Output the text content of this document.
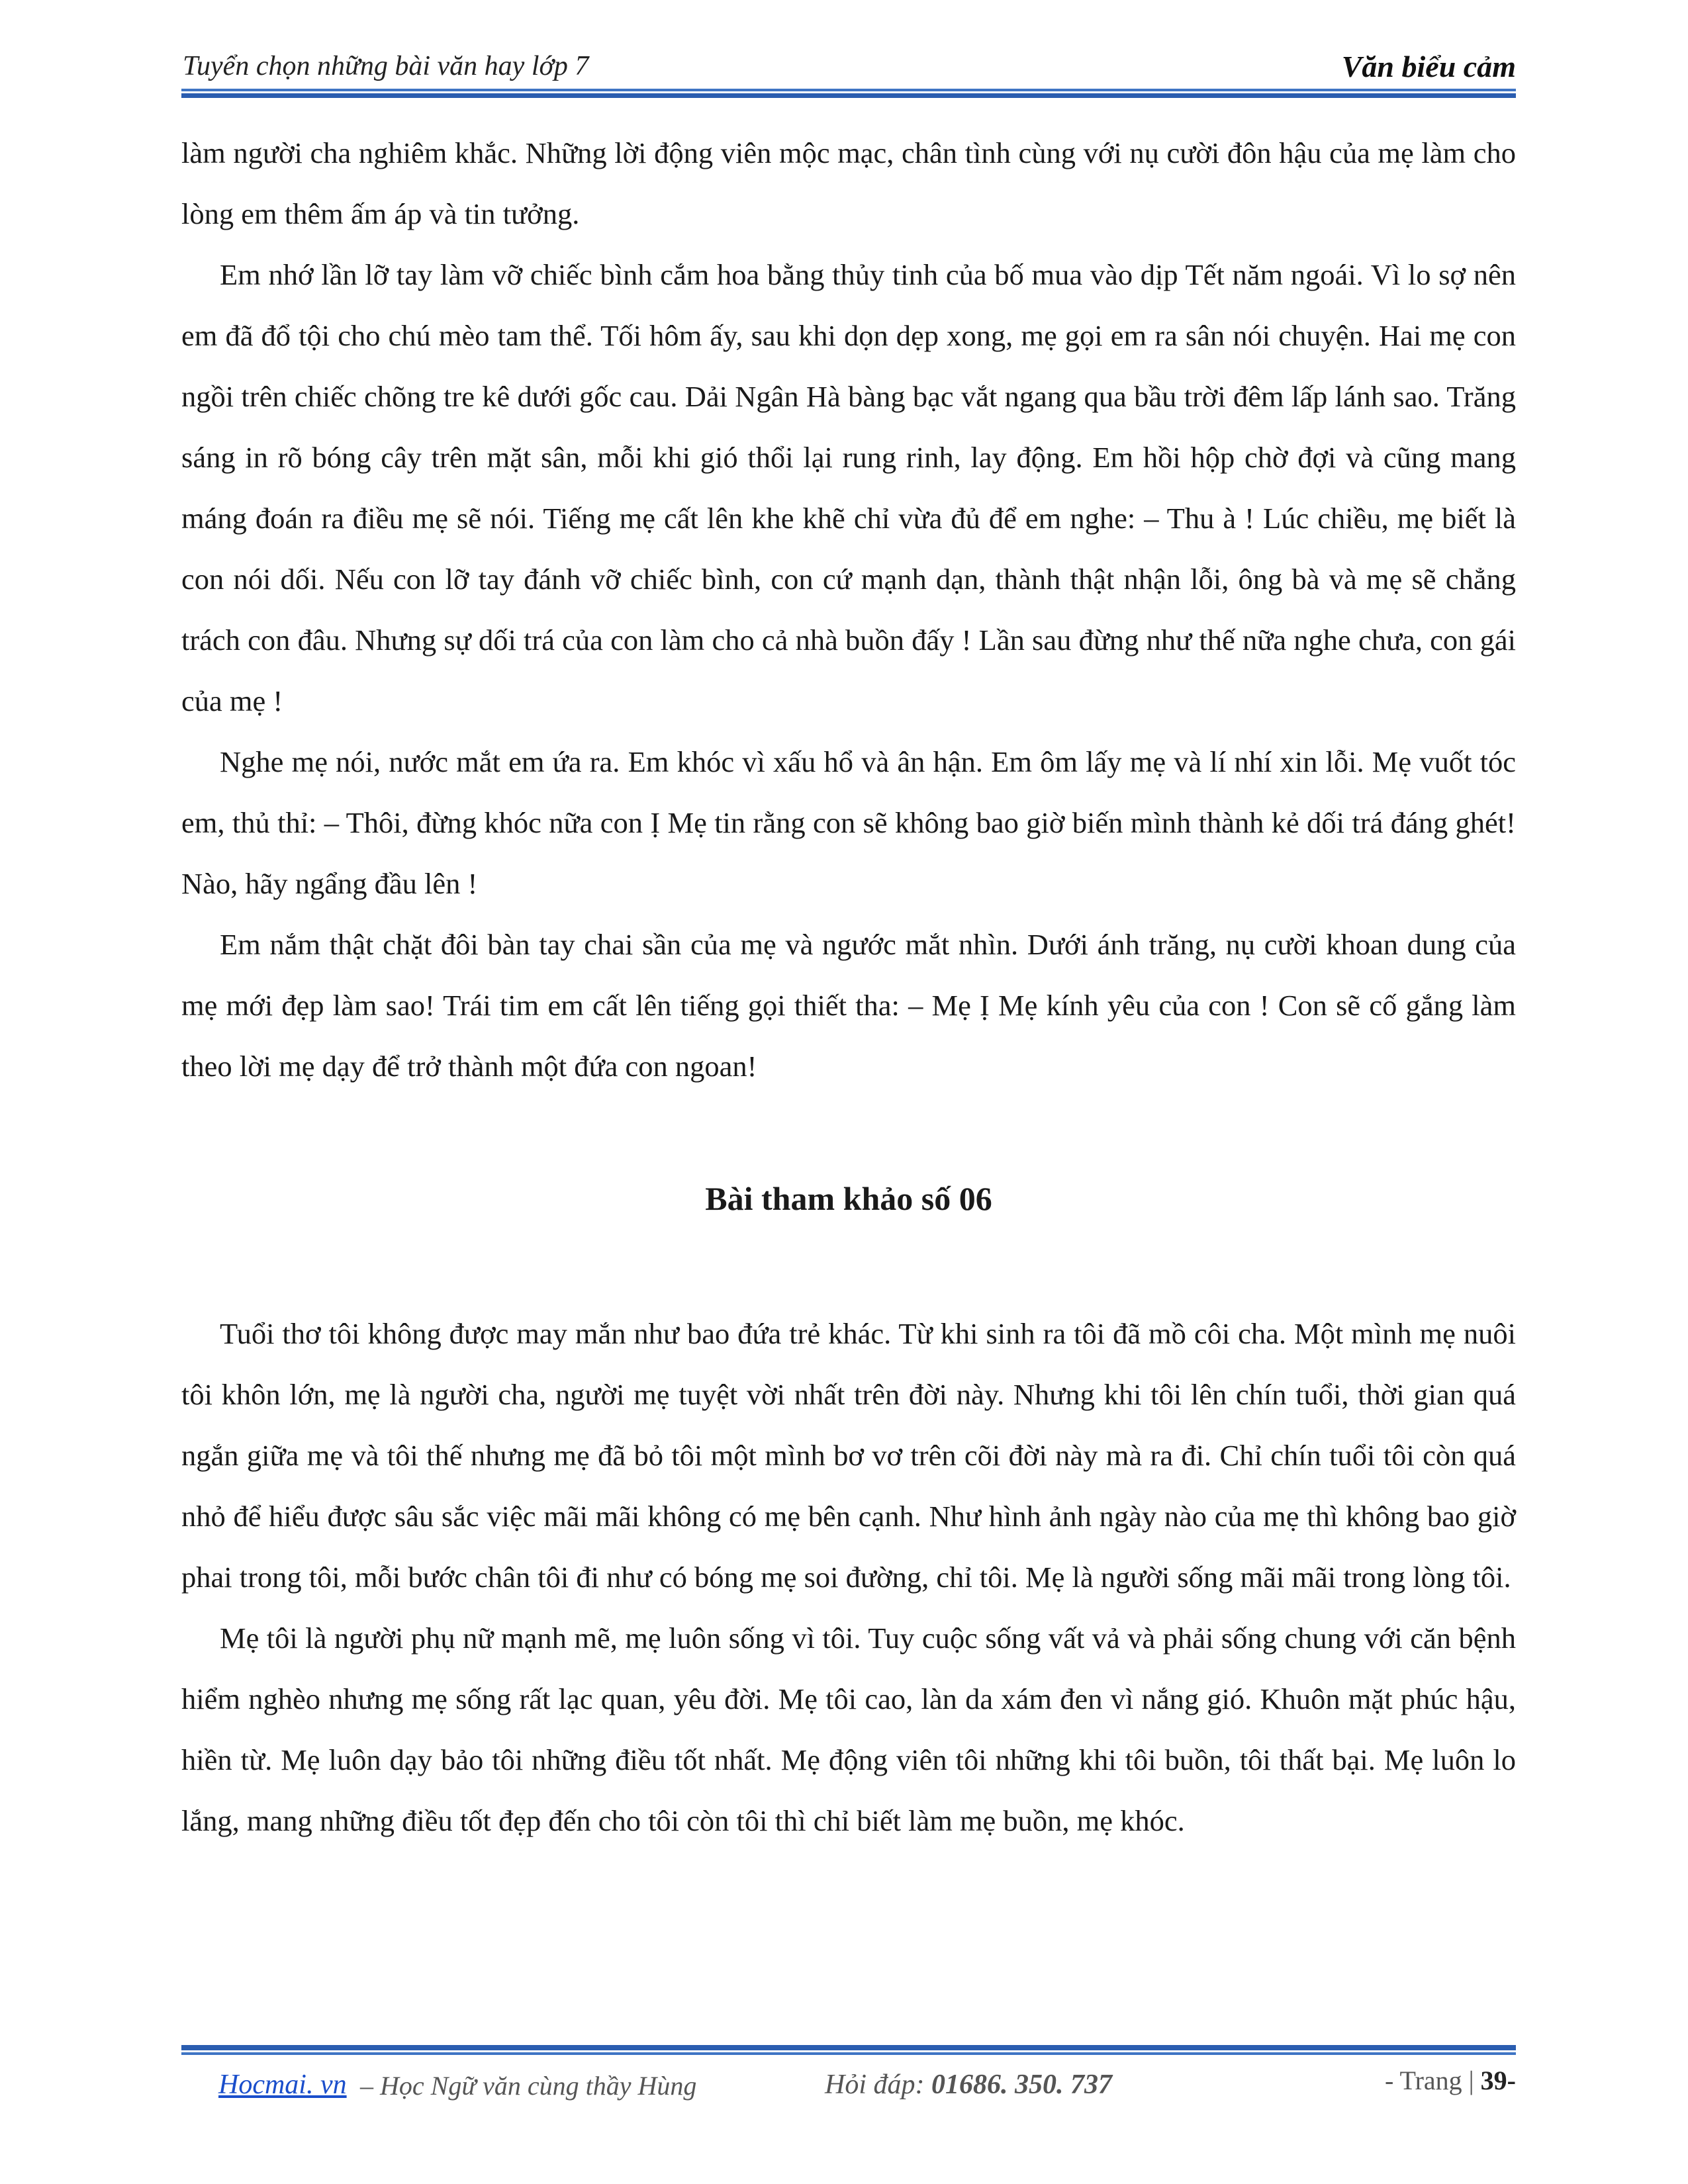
Tuyển chọn những bài văn hay lớp 7	Văn biểu cảm

làm người cha nghiêm khắc. Những lời động viên mộc mạc, chân tình cùng với nụ cười đôn hậu của mẹ làm cho lòng em thêm ấm áp và tin tưởng.

Em nhớ lần lỡ tay làm vỡ chiếc bình cắm hoa bằng thủy tinh của bố mua vào dịp Tết năm ngoái. Vì lo sợ nên em đã đổ tội cho chú mèo tam thể. Tối hôm ấy, sau khi dọn dẹp xong, mẹ gọi em ra sân nói chuyện. Hai mẹ con ngồi trên chiếc chõng tre kê dưới gốc cau. Dải Ngân Hà bàng bạc vắt ngang qua bầu trời đêm lấp lánh sao. Trăng sáng in rõ bóng cây trên mặt sân, mỗi khi gió thổi lại rung rinh, lay động. Em hồi hộp chờ đợi và cũng mang máng đoán ra điều mẹ sẽ nói. Tiếng mẹ cất lên khe khẽ chỉ vừa đủ để em nghe: – Thu à ! Lúc chiều, mẹ biết là con nói dối. Nếu con lỡ tay đánh vỡ chiếc bình, con cứ mạnh dạn, thành thật nhận lỗi, ông bà và mẹ sẽ chẳng trách con đâu. Nhưng sự dối trá của con làm cho cả nhà buồn đấy ! Lần sau đừng như thế nữa nghe chưa, con gái của mẹ !

Nghe mẹ nói, nước mắt em ứa ra. Em khóc vì xấu hổ và ân hận. Em ôm lấy mẹ và lí nhí xin lỗi. Mẹ vuốt tóc em, thủ thỉ: – Thôi, đừng khóc nữa con Ị Mẹ tin rằng con sẽ không bao giờ biến mình thành kẻ dối trá đáng ghét! Nào, hãy ngẩng đầu lên !

Em nắm thật chặt đôi bàn tay chai sần của mẹ và ngước mắt nhìn. Dưới ánh trăng, nụ cười khoan dung của mẹ mới đẹp làm sao! Trái tim em cất lên tiếng gọi thiết tha: – Mẹ Ị Mẹ kính yêu của con ! Con sẽ cố gắng làm theo lời mẹ dạy để trở thành một đứa con ngoan!

Bài tham khảo số 06

Tuổi thơ tôi không được may mắn như bao đứa trẻ khác. Từ khi sinh ra tôi đã mồ côi cha. Một mình mẹ nuôi tôi khôn lớn, mẹ là người cha, người mẹ tuyệt vời nhất trên đời này. Nhưng khi tôi lên chín tuổi, thời gian quá ngắn giữa mẹ và tôi thế nhưng mẹ đã bỏ tôi một mình bơ vơ trên cõi đời này mà ra đi. Chỉ chín tuổi tôi còn quá nhỏ để hiểu được sâu sắc việc mãi mãi không có mẹ bên cạnh. Như hình ảnh ngày nào của mẹ thì không bao giờ phai trong tôi, mỗi bước chân tôi đi như có bóng mẹ soi đường, chỉ tôi. Mẹ là người sống mãi mãi trong lòng tôi.

Mẹ tôi là người phụ nữ mạnh mẽ, mẹ luôn sống vì tôi. Tuy cuộc sống vất vả và phải sống chung với căn bệnh hiểm nghèo nhưng mẹ sống rất lạc quan, yêu đời. Mẹ tôi cao, làn da xám đen vì nắng gió. Khuôn mặt phúc hậu, hiền từ. Mẹ luôn dạy bảo tôi những điều tốt nhất. Mẹ động viên tôi những khi tôi buồn, tôi thất bại. Mẹ luôn lo lắng, mang những điều tốt đẹp đến cho tôi còn tôi thì chỉ biết làm mẹ buồn, mẹ khóc.

Hocmai. vn – Học Ngữ văn cùng thầy Hùng	Hỏi đáp: 01686. 350. 737	- Trang | 39-
